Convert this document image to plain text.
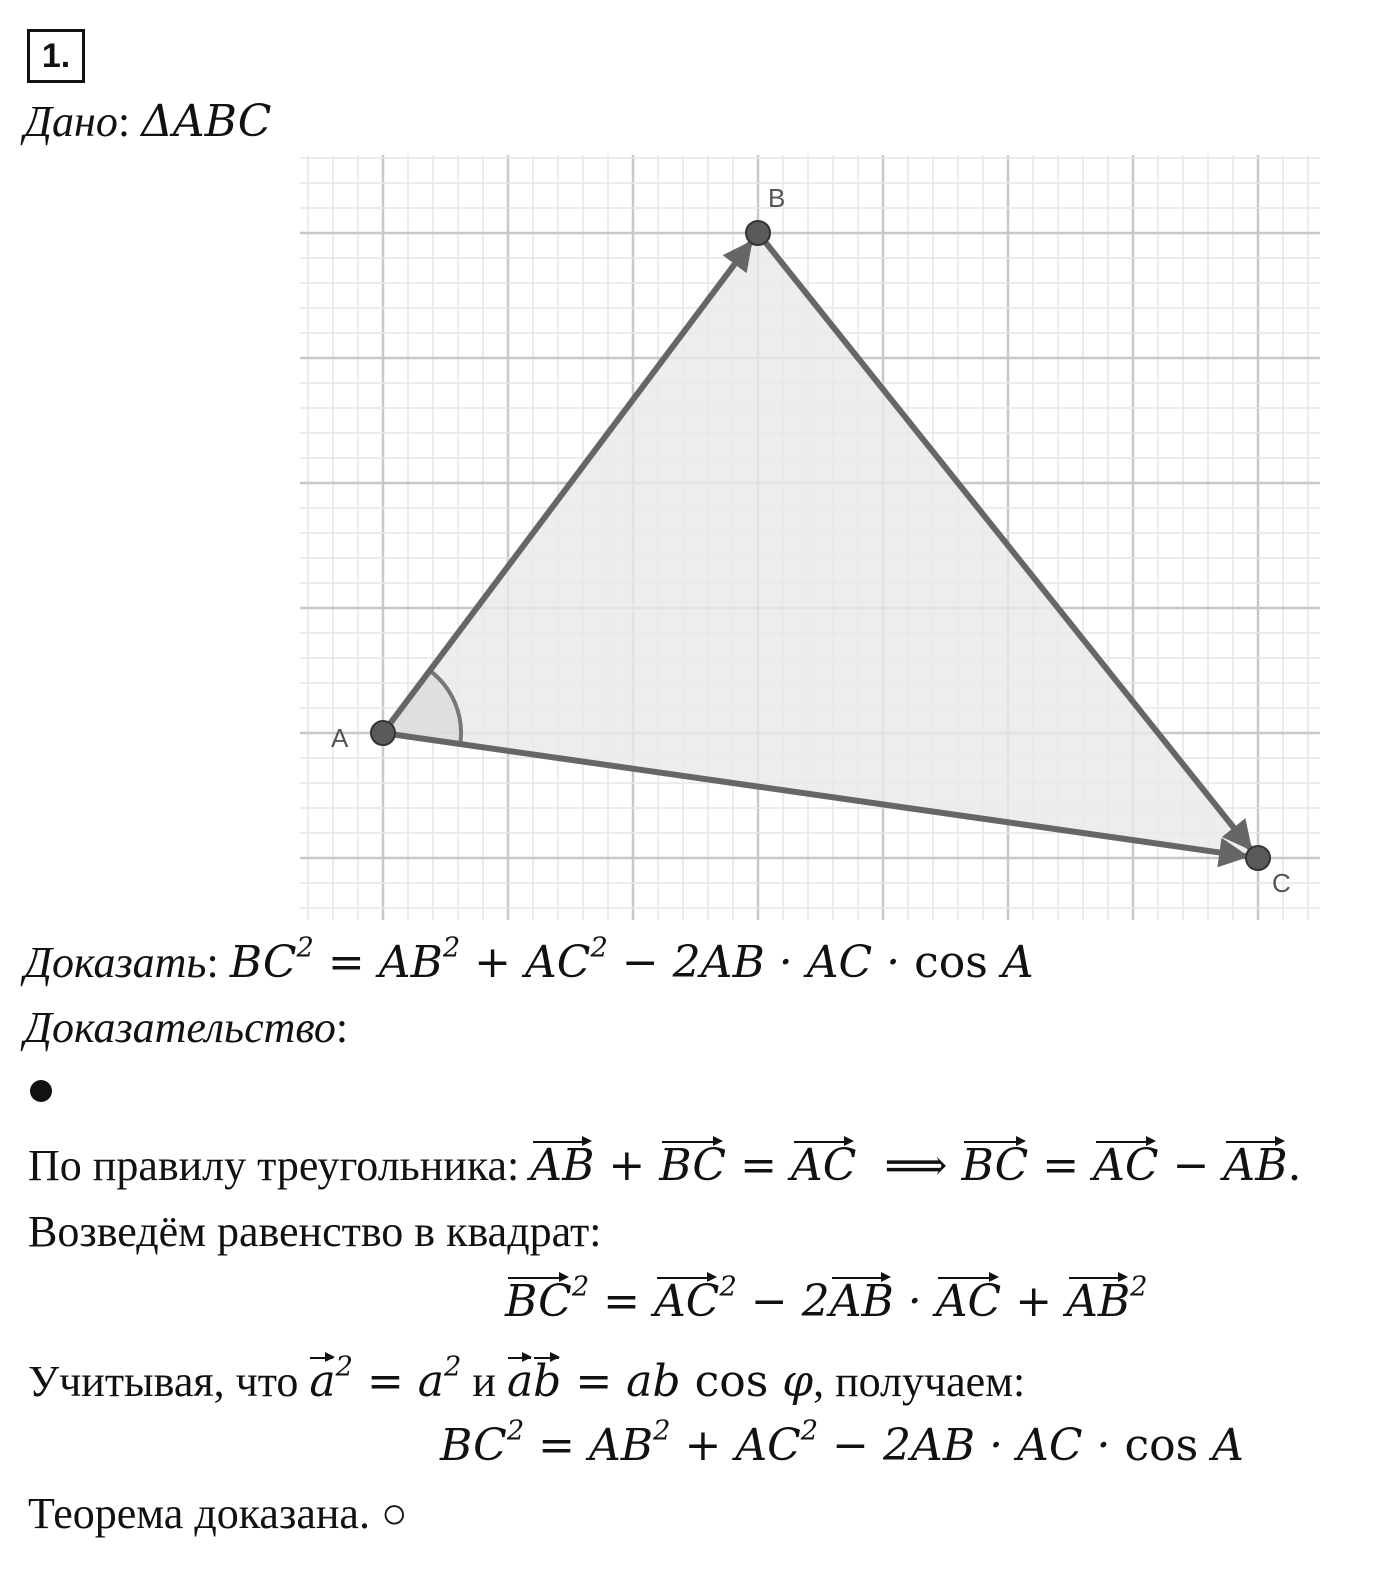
1.
Дано: ΔABC
A
B
C
Доказать: $BC^2 = AB^2 + AC^2 - 2AB$ · AC · cos A
Доказательство:
По правилу треугольника: AB + BC = AC  ⟹ BC = AC − AB.
Возведём равенство в квадрат:
$BC^2 = AC^2 - 2AB$ · AC + $AB^2$
Учитывая, что $a^2 = a^2$ и ab = ab cos φ, получаем:
$BC^2 = AB^2 + AC^2 - 2AB$ · AC · cos A
Теорема доказана. ○
